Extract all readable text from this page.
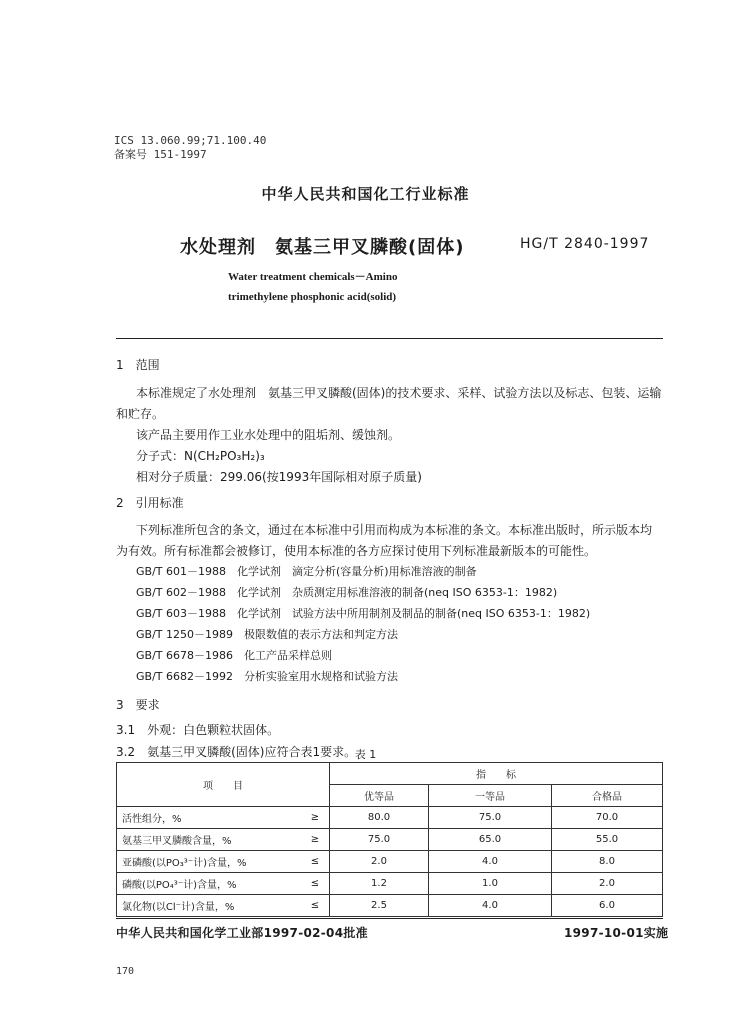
ICS 13.060.99;71.100.40
备案号 151-1997
中华人民共和国化工行业标准
水处理剂　氨基三甲叉膦酸(固体)	HG/T 2840-1997
Water treatment chemicals－Amino
trimethylene phosphonic acid(solid)
1　范围
本标准规定了水处理剂　氨基三甲叉膦酸(固体)的技术要求、采样、试验方法以及标志、包装、运输
和贮存。
该产品主要用作工业水处理中的阻垢剂、缓蚀剂。
分子式：N(CH₂PO₃H₂)₃
相对分子质量：299.06(按1993年国际相对原子质量)
2　引用标准
下列标准所包含的条文，通过在本标准中引用而构成为本标准的条文。本标准出版时，所示版本均
为有效。所有标准都会被修订，使用本标准的各方应探讨使用下列标准最新版本的可能性。
GB/T 601－1988　化学试剂　滴定分析(容量分析)用标准溶液的制备
GB/T 602－1988　化学试剂　杂质测定用标准溶液的制备(neq ISO 6353-1：1982)
GB/T 603－1988　化学试剂　试验方法中所用制剂及制品的制备(neq ISO 6353-1：1982)
GB/T 1250－1989　极限数值的表示方法和判定方法
GB/T 6678－1986　化工产品采样总则
GB/T 6682－1992　分析实验室用水规格和试验方法
3　要求
3.1　外观：白色颗粒状固体。
3.2　氨基三甲叉膦酸(固体)应符合表1要求。
表 1
项　　目		指　　标		
		优等品	一等品	合格品
活性组分，%	≥	80.0	75.0	70.0
氨基三甲叉膦酸含量，%	≥	75.0	65.0	55.0
亚磷酸(以PO₃³⁻计)含量，%	≤	2.0	4.0	8.0
磷酸(以PO₄³⁻计)含量，%	≤	1.2	1.0	2.0
氯化物(以Cl⁻计)含量，%	≤	2.5	4.0	6.0
中华人民共和国化学工业部1997-02-04批准	1997-10-01实施
170
